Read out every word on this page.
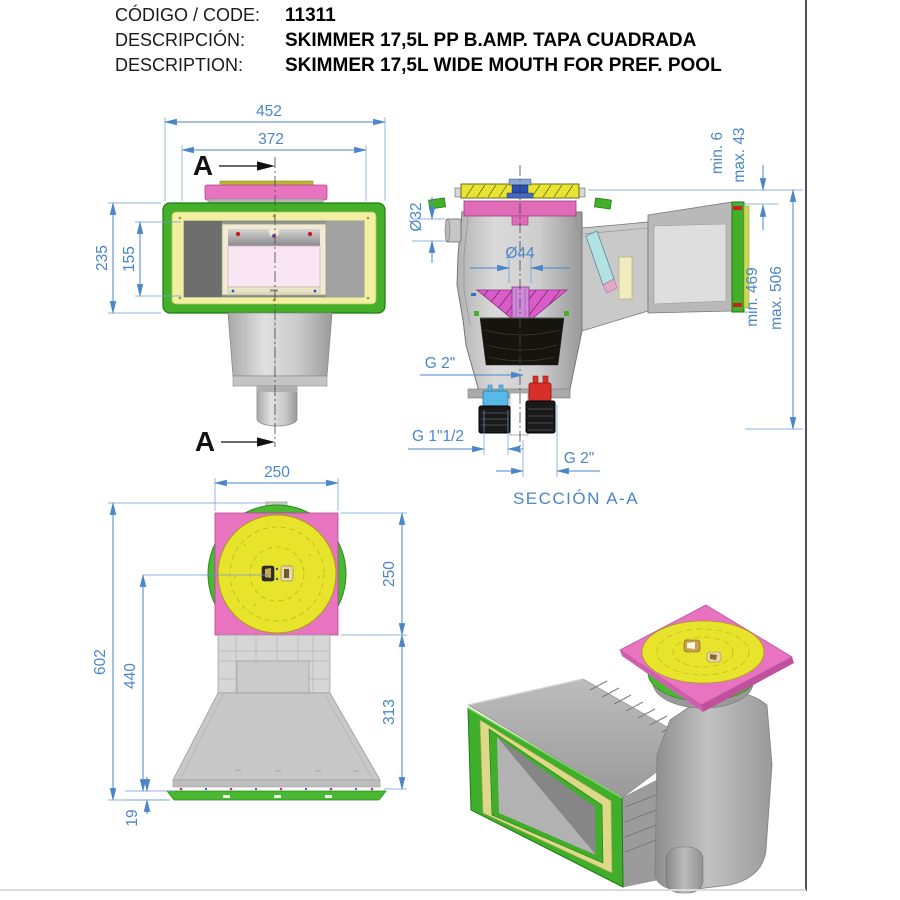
CÓDIGO / CODE: 11311
DESCRIPCIÓN: SKIMMER 17,5L PP B.AMP. TAPA CUADRADA
DESCRIPTION: SKIMMER 17,5L WIDE MOUTH FOR PREF. POOL
452
372
235 155
A
A
Ø32
Ø44
G 2"
G 1"1/2
G 2"
min. 6 max. 43
min. 469 max. 506
SECCIÓN A-A
250
250
313
602
440
19
